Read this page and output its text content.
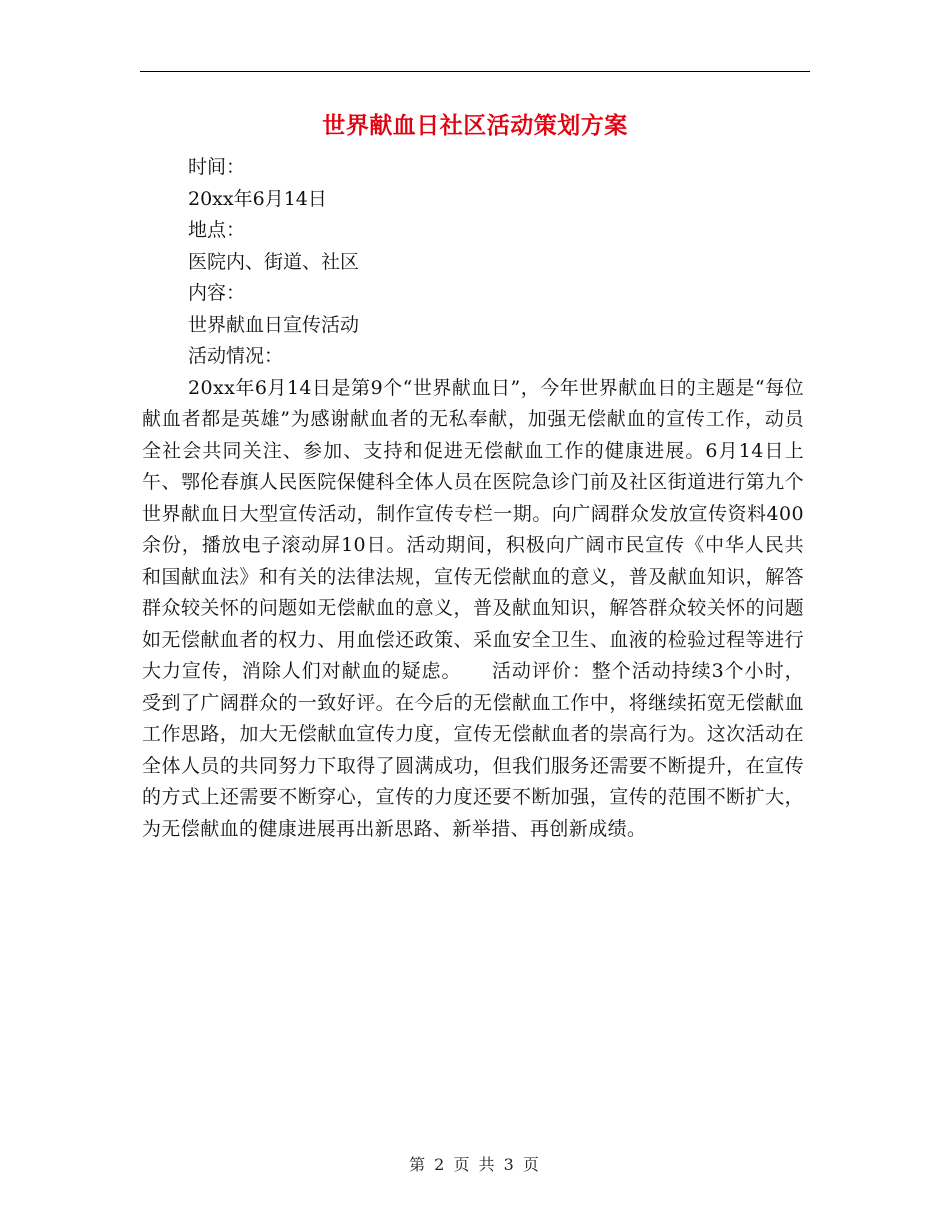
世界献血日社区活动策划方案

时间：

20xx年6月14日

地点：

医院内、街道、社区

内容：

世界献血日宣传活动

活动情况：

20xx年6月14日是第9个“世界献血日”，今年世界献血日的主题是“每位献血者都是英雄”为感谢献血者的无私奉献，加强无偿献血的宣传工作，动员全社会共同关注、参加、支持和促进无偿献血工作的健康进展。6月14日上午、鄂伦春旗人民医院保健科全体人员在医院急诊门前及社区街道进行第九个世界献血日大型宣传活动，制作宣传专栏一期。向广阔群众发放宣传资料400余份，播放电子滚动屏10日。活动期间，积极向广阔市民宣传《中华人民共和国献血法》和有关的法律法规，宣传无偿献血的意义，普及献血知识，解答群众较关怀的问题如无偿献血的意义，普及献血知识，解答群众较关怀的问题如无偿献血者的权力、用血偿还政策、采血安全卫生、血液的检验过程等进行大力宣传，消除人们对献血的疑虑。　　活动评价：整个活动持续3个小时，受到了广阔群众的一致好评。在今后的无偿献血工作中，将继续拓宽无偿献血工作思路，加大无偿献血宣传力度，宣传无偿献血者的崇高行为。这次活动在全体人员的共同努力下取得了圆满成功，但我们服务还需要不断提升，在宣传的方式上还需要不断穿心，宣传的力度还要不断加强，宣传的范围不断扩大，为无偿献血的健康进展再出新思路、新举措、再创新成绩。

第 2 页 共 3 页
